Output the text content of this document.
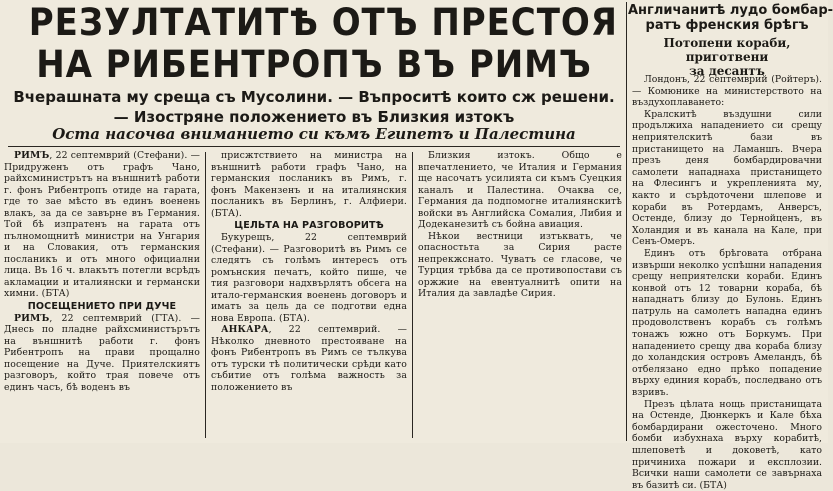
РЕЗУЛТАТИТѢ ОТЪ ПРЕСТОЯ
НА РИБЕНТРОПЪ ВЪ РИМЪ
Вчерашната му среща съ Мусолини. — Въпроситѣ които сж решени.
— Изостряне положението въ Близкия изтокъ
Оста насочва вниманието си къмъ Египетъ и Палестина

РИМЪ, 22 септемврий (Стефани). — Придруженъ отъ графъ Чано, райхсминистрътъ на външнитѣ работи г. фонъ Рибентропъ отиде на гарата, где то зае мѣсто въ единъ военень влакъ, за да се завърне въ Германия. Той бѣ изпратенъ на гарата отъ пълномощнитѣ министри на Унгария и на Словакия, отъ германския посланикъ и отъ много официални лица. Въ 16 ч. влакътъ потегли всрѣдъ акламации и италиянски и германски химни. (БТА)

ПОСЕЩЕНИЕТО ПРИ ДУЧЕ

РИМЪ, 22 септемврий (ГТА). — Днесь по пладне райхсминистърътъ на външнитѣ работи г. фонъ Рибентропъ на прави прощално посещение на Дуче. Приятелскиятъ разговоръ, който трая повече отъ единъ часъ, бѣ воденъ въ

присжтствието на министра на външнитѣ работи графъ Чано, на германския посланикъ въ Римъ, г. фонъ Макензенъ и на италиянския посланикъ въ Берлинъ, г. Алфиери. (БТА).

ЦЕЛЬТА НА РАЗГОВОРИТѢ

Букурещъ, 22 септемврий (Стефани). — Разговоритѣ въ Римъ се следятъ съ голѣмъ интересъ отъ ромънския печатъ, който пише, че тия разговори надхвърлятъ обсега на итало-германския военень договоръ и иматъ за цель да се подготви една нова Европа. (БТА).

АНКАРА, 22 септемврий. — Нѣколко дневното престояване на фонъ Рибентропъ въ Римъ се тълкува отъ турски тѣ политически срѣди като събитие отъ голѣма важность за положението въ

Близкия изтокъ. Общо е впечатлението, че Италия и Германия ще насочатъ усилията си къмъ Суецкия каналъ и Палестина. Очаква се, Германия да подпомогне италиянскитѣ войски въ Английска Сомалия, Либия и Додеканезитѣ съ бойна авиация.

Нѣкои вестници изтъкватъ, че опасностьта за Сирия расте непрекжснато. Чуватъ се гласове, че Турция трѣбва да се противопостави съ оржжие на евентуалнитѣ опити на Италия да завладѣе Сирия.

Англичанитѣ лудо бомбар-
ратъ френския брѣгъ
Потопени кораби, приготвени
за десантъ

Лондонъ, 22 септемврий (Ройтеръ). — Комюнике на министерството на въздухоплаването:

Кралскитѣ въздушни сили продължиха нападението си срещу неприятелскитѣ бази въ пристанището на Ламаншъ. Вчера презъ деня бомбардировачни самолети нападнаха пристанището на Флесингъ и укрепленията му, както и сърѣдоточени шлепове и кораби въ Ротердамъ, Анверсъ, Остенде, близу до Тернойценъ, въ Холандия и въ канала на Кале, при Сенъ-Омеръ.

Единъ отъ брѣговата отбрана извърши неколко успѣшни нападения срещу неприятелски кораби. Единъ конвой отъ 12 товарни кораба, бѣ нападнатъ близу до Булонь. Единъ патруль на самолетъ нападна единъ продоволственъ корабъ съ голѣмъ тонажъ южно отъ Боркумъ. При нападението срещу два кораба близу до холандския островъ Амеландъ, бѣ отбелязано едно прѣко попадение върху единия корабъ, последвано отъ взривъ.

Презъ цѣлата нощь пристанищата на Остенде, Дюнкеркъ и Кале бѣха бомбардирани ожесточено. Много бомби избухнаха върху корабитѣ, шлеповетѣ и доковетѣ, като причиниха пожари и експлозии. Всички наши самолети се завърнаха въ базитѣ си. (БТА)
